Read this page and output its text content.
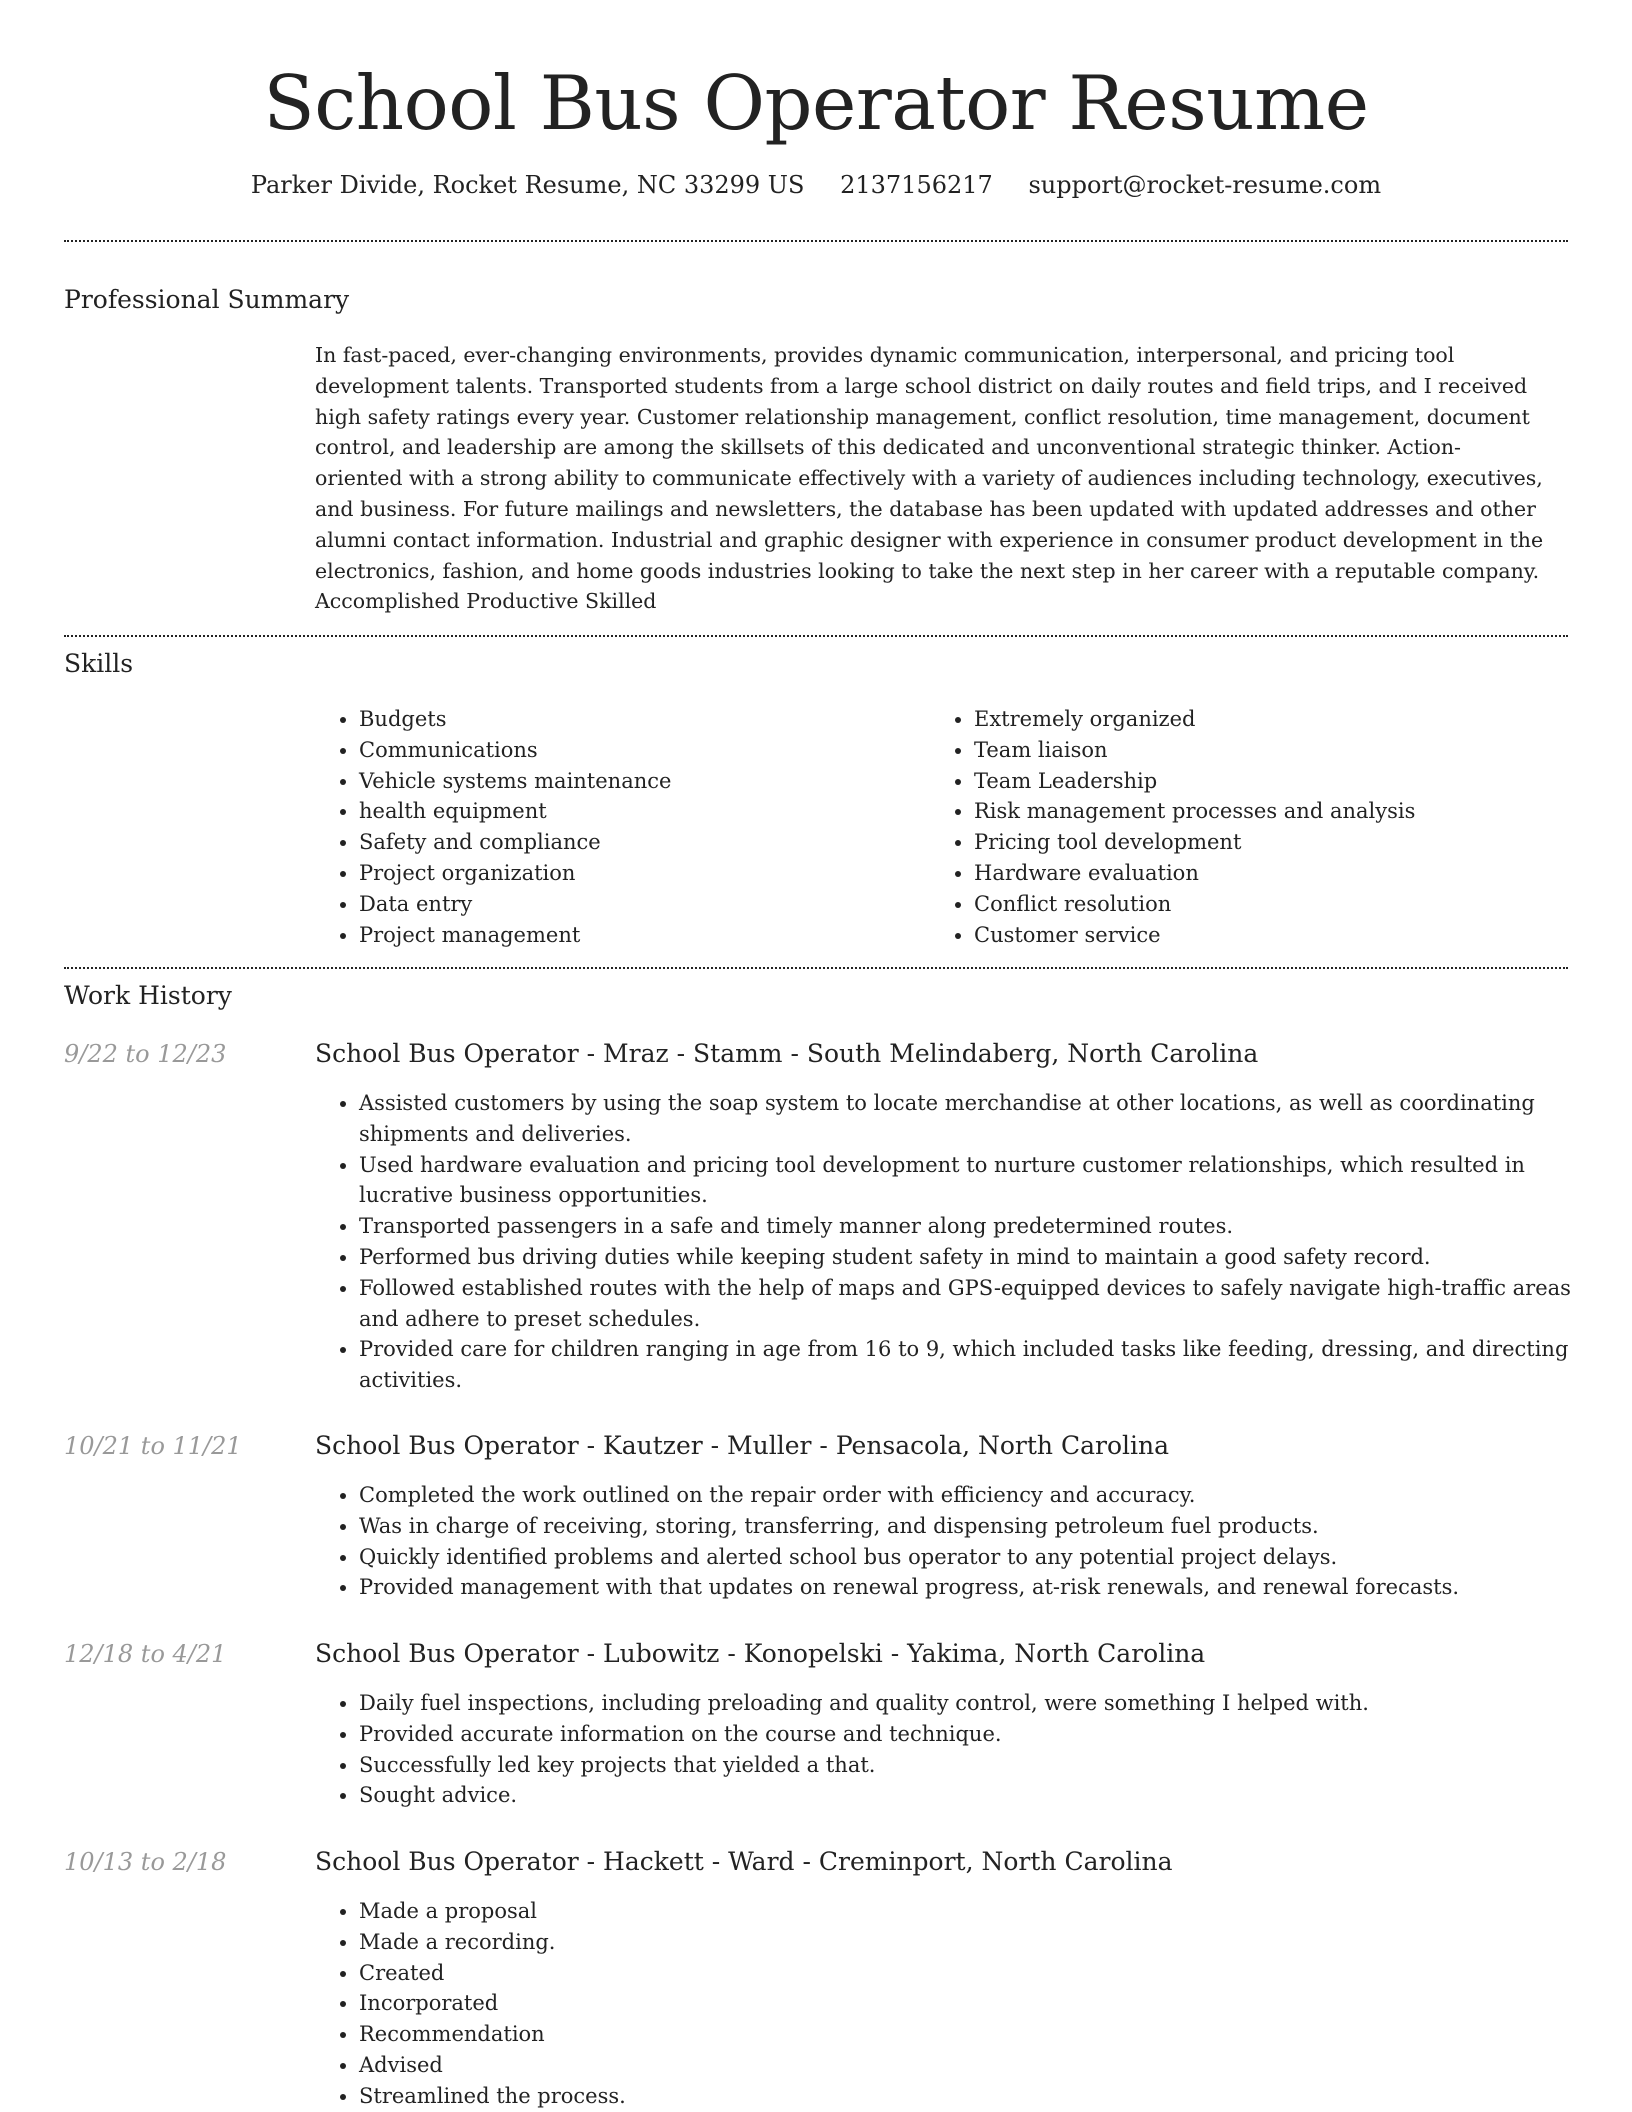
School Bus Operator Resume
Parker Divide, Rocket Resume, NC 33299 US 2137156217 support@rocket-resume.com
Professional Summary

In fast-paced, ever-changing environments, provides dynamic communication, interpersonal, and pricing tool development talents. Transported students from a large school district on daily routes and field trips, and I received high safety ratings every year. Customer relationship management, conflict resolution, time management, document control, and leadership are among the skillsets of this dedicated and unconventional strategic thinker. Action-oriented with a strong ability to communicate effectively with a variety of audiences including technology, executives, and business. For future mailings and newsletters, the database has been updated with updated addresses and other alumni contact information. Industrial and graphic designer with experience in consumer product development in the electronics, fashion, and home goods industries looking to take the next step in her career with a reputable company. Accomplished Productive Skilled

Skills
• Budgets
• Communications
• Vehicle systems maintenance
• health equipment
• Safety and compliance
• Project organization
• Data entry
• Project management
• Extremely organized
• Team liaison
• Team Leadership
• Risk management processes and analysis
• Pricing tool development
• Hardware evaluation
• Conflict resolution
• Customer service
Work History
9/22 to 12/23	School Bus Operator - Mraz - Stamm - South Melindaberg, North Carolina
• Assisted customers by using the soap system to locate merchandise at other locations, as well as coordinating shipments and deliveries.
• Used hardware evaluation and pricing tool development to nurture customer relationships, which resulted in lucrative business opportunities.
• Transported passengers in a safe and timely manner along predetermined routes.
• Performed bus driving duties while keeping student safety in mind to maintain a good safety record.
• Followed established routes with the help of maps and GPS-equipped devices to safely navigate high-traffic areas and adhere to preset schedules.
• Provided care for children ranging in age from 16 to 9, which included tasks like feeding, dressing, and directing activities.
10/21 to 11/21	School Bus Operator - Kautzer - Muller - Pensacola, North Carolina
• Completed the work outlined on the repair order with efficiency and accuracy.
• Was in charge of receiving, storing, transferring, and dispensing petroleum fuel products.
• Quickly identified problems and alerted school bus operator to any potential project delays.
• Provided management with that updates on renewal progress, at-risk renewals, and renewal forecasts.
12/18 to 4/21	School Bus Operator - Lubowitz - Konopelski - Yakima, North Carolina
• Daily fuel inspections, including preloading and quality control, were something I helped with.
• Provided accurate information on the course and technique.
• Successfully led key projects that yielded a that.
• Sought advice.
10/13 to 2/18	School Bus Operator - Hackett - Ward - Creminport, North Carolina
• Made a proposal
• Made a recording.
• Created
• Incorporated
• Recommendation
• Advised
• Streamlined the process.
